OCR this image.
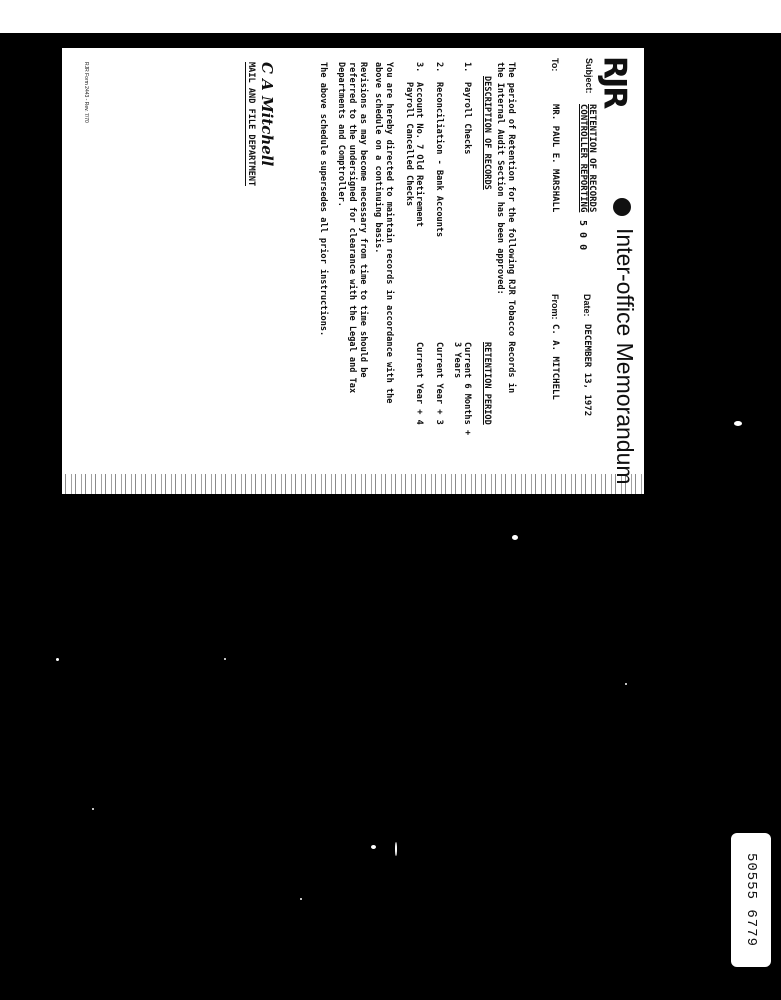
RJR
Inter-office Memorandum
Subject:
RETENTION OF RECORDS
CONTROLLER REPORTING
5 0 0
Date:
DECEMBER 13, 1972
To:
MR. PAUL E. MARSHALL
From:
C. A. MITCHELL
The period of Retention for the following RJR Tobacco Records in
the Internal Audit Section has been approved:
DESCRIPTION OF RECORDS
RETENTION PERIOD
1.
Payroll Checks
Current 6 Months +
3 Years
2.
Reconciliation - Bank Accounts
Current Year + 3
3.
Account No. 7 Old Retirement
Payroll Cancelled Checks
Current Year + 4
You are hereby directed to maintain records in accordance with the
above schedule on a continuing basis.
Revisions as may become necessary from time to time should be
referred to the undersigned for clearance with the Legal and Tax
Departments and Comptroller.
The above schedule supersedes all prior instructions.
C A Mitchell
MAIL AND FILE DEPARTMENT
RJR Form 2443 - Rev. 7/70
50555 6779
